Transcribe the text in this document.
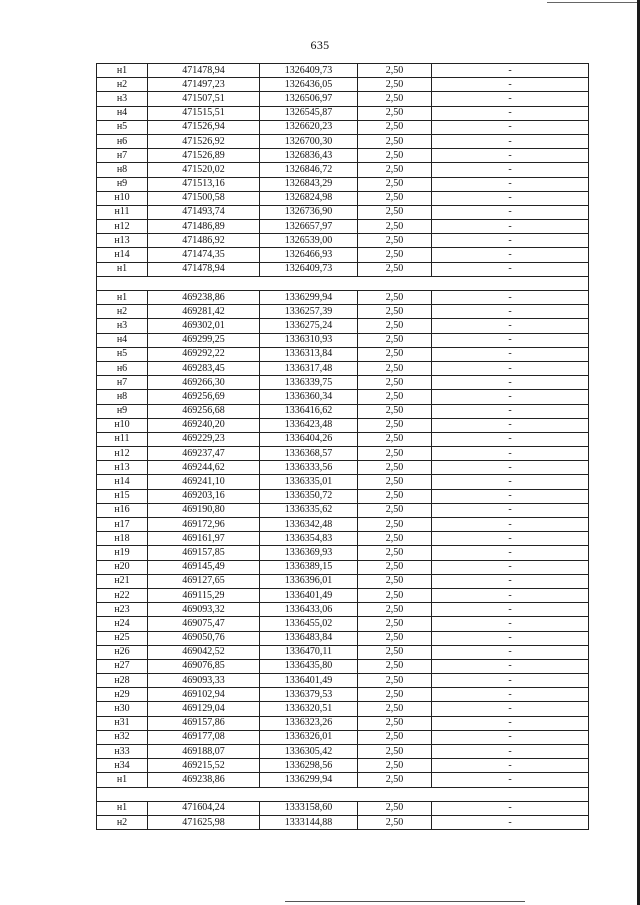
635
н1	471478,94	1326409,73	2,50	-
н2	471497,23	1326436,05	2,50	-
н3	471507,51	1326506,97	2,50	-
н4	471515,51	1326545,87	2,50	-
н5	471526,94	1326620,23	2,50	-
н6	471526,92	1326700,30	2,50	-
н7	471526,89	1326836,43	2,50	-
н8	471520,02	1326846,72	2,50	-
н9	471513,16	1326843,29	2,50	-
н10	471500,58	1326824,98	2,50	-
н11	471493,74	1326736,90	2,50	-
н12	471486,89	1326657,97	2,50	-
н13	471486,92	1326539,00	2,50	-
н14	471474,35	1326466,93	2,50	-
н1	471478,94	1326409,73	2,50	-

н1	469238,86	1336299,94	2,50	-
н2	469281,42	1336257,39	2,50	-
н3	469302,01	1336275,24	2,50	-
н4	469299,25	1336310,93	2,50	-
н5	469292,22	1336313,84	2,50	-
н6	469283,45	1336317,48	2,50	-
н7	469266,30	1336339,75	2,50	-
н8	469256,69	1336360,34	2,50	-
н9	469256,68	1336416,62	2,50	-
н10	469240,20	1336423,48	2,50	-
н11	469229,23	1336404,26	2,50	-
н12	469237,47	1336368,57	2,50	-
н13	469244,62	1336333,56	2,50	-
н14	469241,10	1336335,01	2,50	-
н15	469203,16	1336350,72	2,50	-
н16	469190,80	1336335,62	2,50	-
н17	469172,96	1336342,48	2,50	-
н18	469161,97	1336354,83	2,50	-
н19	469157,85	1336369,93	2,50	-
н20	469145,49	1336389,15	2,50	-
н21	469127,65	1336396,01	2,50	-
н22	469115,29	1336401,49	2,50	-
н23	469093,32	1336433,06	2,50	-
н24	469075,47	1336455,02	2,50	-
н25	469050,76	1336483,84	2,50	-
н26	469042,52	1336470,11	2,50	-
н27	469076,85	1336435,80	2,50	-
н28	469093,33	1336401,49	2,50	-
н29	469102,94	1336379,53	2,50	-
н30	469129,04	1336320,51	2,50	-
н31	469157,86	1336323,26	2,50	-
н32	469177,08	1336326,01	2,50	-
н33	469188,07	1336305,42	2,50	-
н34	469215,52	1336298,56	2,50	-
н1	469238,86	1336299,94	2,50	-

н1	471604,24	1333158,60	2,50	-
н2	471625,98	1333144,88	2,50	-
